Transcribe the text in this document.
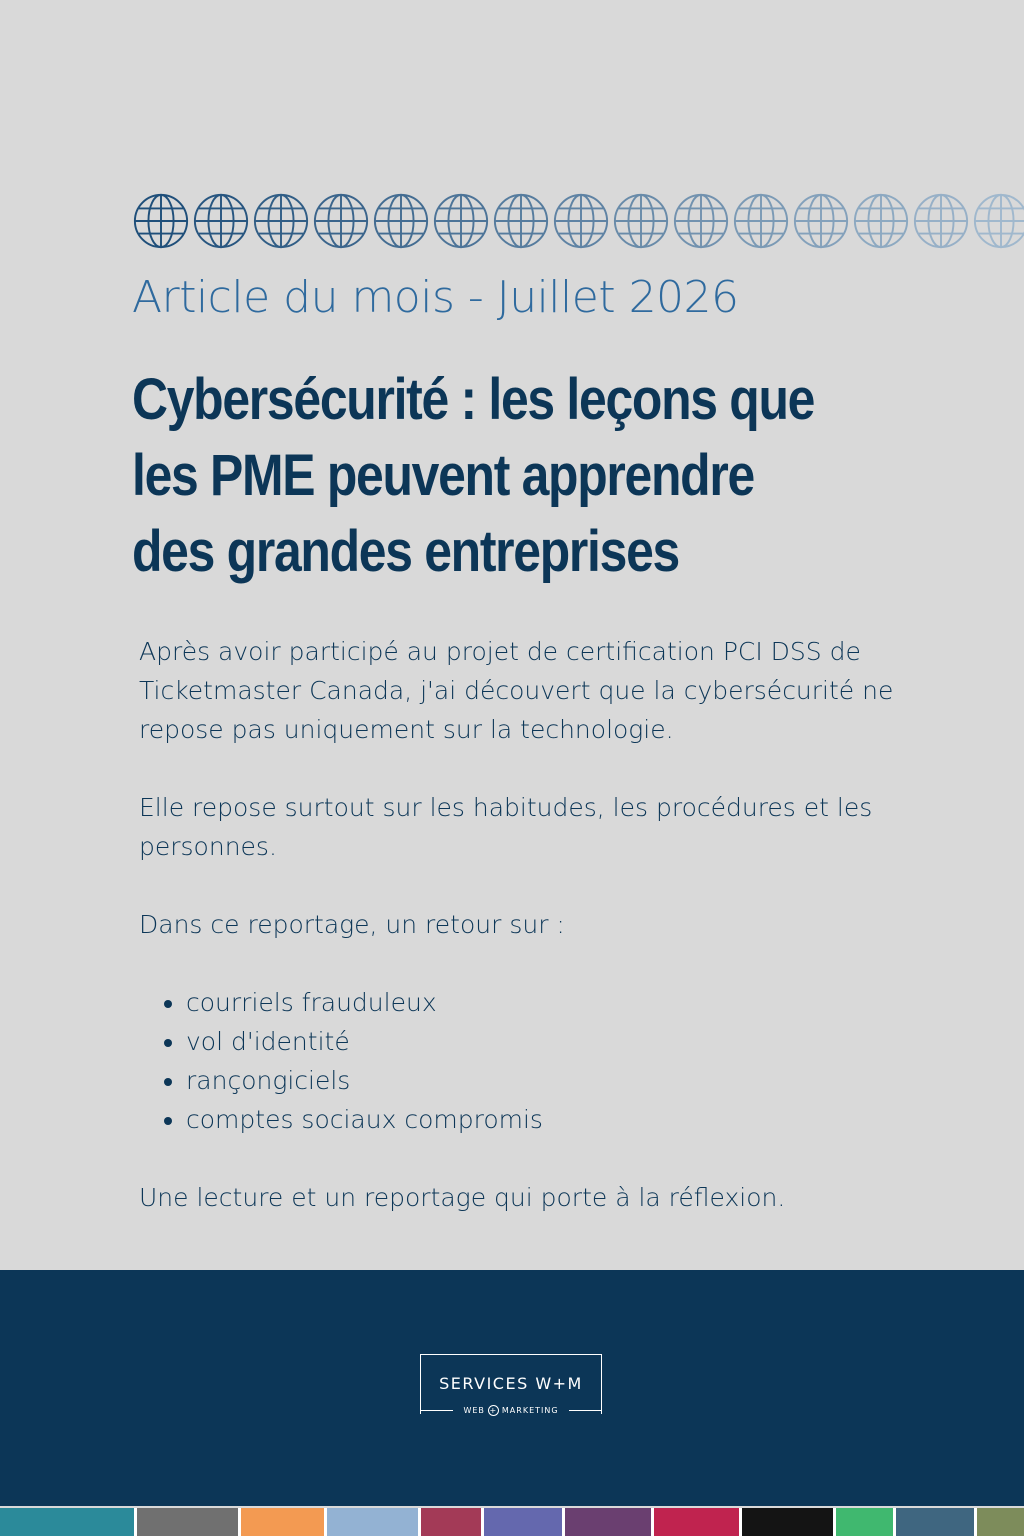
Article du mois - Juillet 2026
Cybersécurité : les leçons que les PME peuvent apprendre des grandes entreprises

Après avoir participé au projet de certification PCI DSS de Ticketmaster Canada, j'ai découvert que la cybersécurité ne repose pas uniquement sur la technologie.

Elle repose surtout sur les habitudes, les procédures et les personnes.

Dans ce reportage, un retour sur :

• courriels frauduleux
• vol d'identité
• rançongiciels
• comptes sociaux compromis

Une lecture et un reportage qui porte à la réflexion.

SERVICES W+M
WEB + MARKETING
